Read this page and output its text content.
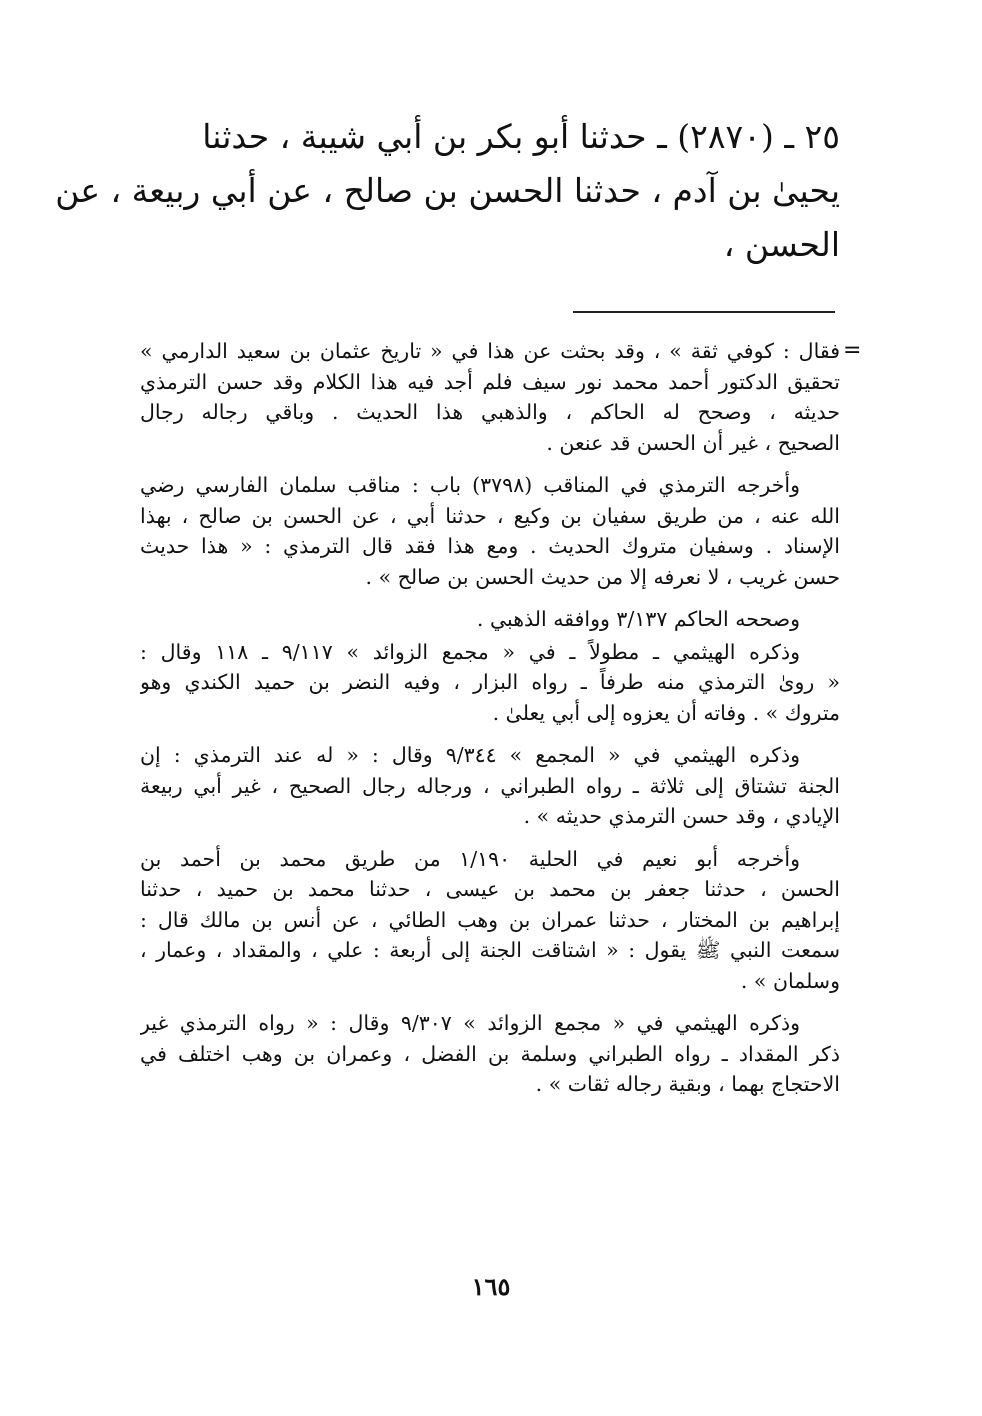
٢٥ ـ (٢٨٧٠) ـ حدثنا أبو بكر بن أبي شيبة ، حدثنا
يحيىٰ بن آدم ، حدثنا الحسن بن صالح ، عن أبي ربيعة ، عن
الحسن ،
=
فقال : كوفي ثقة » ، وقد بحثت عن هذا في « تاريخ عثمان بن سعيد الدارمي »
تحقيق الدكتور أحمد محمد نور سيف فلم أجد فيه هذا الكلام وقد حسن الترمذي
حديثه ، وصحح له الحاكم ، والذهبي هذا الحديث . وباقي رجاله رجال
الصحيح ، غير أن الحسن قد عنعن .
وأخرجه الترمذي في المناقب (٣٧٩٨) باب : مناقب سلمان الفارسي رضي
الله عنه ، من طريق سفيان بن وكيع ، حدثنا أبي ، عن الحسن بن صالح ، بهذا
الإسناد . وسفيان متروك الحديث . ومع هذا فقد قال الترمذي : « هذا حديث
حسن غريب ، لا نعرفه إلا من حديث الحسن بن صالح » .
وصححه الحاكم ٣/١٣٧ ووافقه الذهبي .
وذكره الهيثمي ـ مطولاً ـ في « مجمع الزوائد » ٩/١١٧ ـ ١١٨ وقال :
« روىٰ الترمذي منه طرفاً ـ رواه البزار ، وفيه النضر بن حميد الكندي وهو
متروك » . وفاته أن يعزوه إلى أبي يعلىٰ .
وذكره الهيثمي في « المجمع » ٩/٣٤٤ وقال : « له عند الترمذي : إن
الجنة تشتاق إلى ثلاثة ـ رواه الطبراني ، ورجاله رجال الصحيح ، غير أبي ربيعة
الإيادي ، وقد حسن الترمذي حديثه » .
وأخرجه أبو نعيم في الحلية ١/١٩٠ من طريق محمد بن أحمد بن
الحسن ، حدثنا جعفر بن محمد بن عيسى ، حدثنا محمد بن حميد ، حدثنا
إبراهيم بن المختار ، حدثنا عمران بن وهب الطائي ، عن أنس بن مالك قال :
سمعت النبي ﷺ يقول : « اشتاقت الجنة إلى أربعة : علي ، والمقداد ، وعمار ،
وسلمان » .
وذكره الهيثمي في « مجمع الزوائد » ٩/٣٠٧ وقال : « رواه الترمذي غير
ذكر المقداد ـ رواه الطبراني وسلمة بن الفضل ، وعمران بن وهب اختلف في
الاحتجاج بهما ، وبقية رجاله ثقات » .
١٦٥
